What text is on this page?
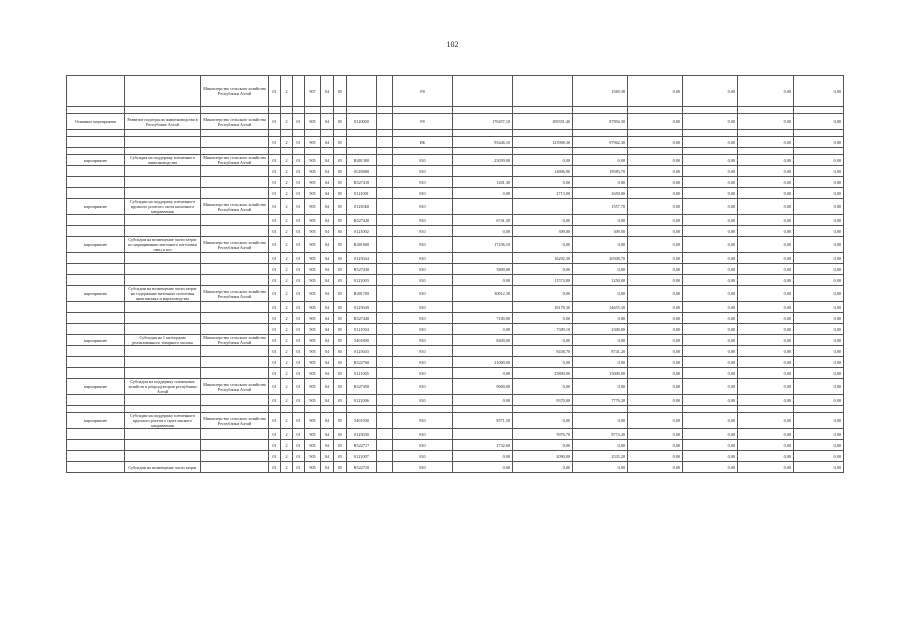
102
		Министерство сельского хозяйства Республики Алтай	01	2		907	04	05			F8			1569,38	0,00	0,00	0,00	0,00	

Основное мероприятие	Развитие подотрасли животноводства в Республике Алтай	Министерство сельского хозяйства Республики Алтай	01	2	01	905	04	05	0120000		F8	170457,10	109351,40	87894,30	0,00	0,00	0,00	0,00	

			01	2	01	905	04	05			ИБ	95446,10	123908,30	97962,30	0,00	0,00	0,00	0,00	

мероприятие	Субсидия на поддержку племенного животноводства	Министерство сельского хозяйства Республики Алтай	01	2	01	905	04	05	R401300		810	23059,00	0,00	0,00	0,00	0,00	0,00	0,00	
			01	2	01	905	04	05	01250В0		810		14806,90	19583,70	0,00	0,00	0,00	0,00	
			01	2	01	905	04	05	R527410		810	1201,30	0,00	0,00	0,00	0,00	0,00	0,00	
			01	2	01	905	04	05	0121001		810	0,00	2713,00	2650,00	0,00	0,00	0,00	0,00	
мероприятие	Субсидии на поддержку племенного крупного рогатого скота молочного направления	Министерство сельского хозяйства Республики Алтай	01	2	01	905	04	05	01250Б0		810			1557,70	0,00	0,00	0,00	0,00	
			01	2	01	905	04	05	R527420		810	6741,30	0,00	0,00	0,00	0,00	0,00	0,00	
			01	2	01	905	04	05	0121002		810	0,00	309,00	309,00	0,00	0,00	0,00	0,00	
мероприятие	Субсидии на возмещение части затрат по наращиванию маточного поголовья овец и коз	Министерство сельского хозяйства Республики Алтай	01	2	01	905	04	05	R401600		810	17236,10	0,00	0,00	0,00	0,00	0,00	0,00	
			01	2	01	905	04	05	0125044		810		16292,30	20508,70	0,00	0,00	0,00	0,00	
			01	2	01	905	04	05	R527430		810	5800,00	0,00	0,00	0,00	0,00	0,00	0,00	
			01	2	01	905	04	05	0121003		810	0,00	11574,80	1250,00	0,00	0,00	0,00	0,00	
мероприятие	Субсидии на возмещение части затрат на содержание маточных поголовья яков мясных и мараловодства	Министерство сельского хозяйства Республики Алтай	01	2	01	905	04	05	R401700		810	30012,30	0,00	0,00	0,00	0,00	0,00	0,00	
			01	2	01	905	04	05	0125049		810		18178,30	14655,30	0,00	0,00	0,00	0,00	
			01	2	01	905	04	05	R527440		810	7100,00	0,00	0,00	0,00	0,00	0,00	0,00	
			01	2	01	905	04	05	0121004		810	0,00	7309,10	2300,00	0,00	0,00	0,00	0,00	
мероприятие	Субсидия на 1 килограмм реализованного товарного молока	Министерство сельского хозяйства Республики Алтай	01	2	01	905	04	05	5401800		810	8400,00	0,00	0,00	0,00	0,00	0,00	0,00	
			01	2	01	905	04	05	0125043		810		8438,70	8741,20	0,00	0,00	0,00	0,00	
			01	2	01	905	04	05	R522760		810	21000,00	0,00	0,00	0,00	0,00	0,00	0,00	
			01	2	01	905	04	05	0121005		810	0,00	25800,00	15000,00	0,00	0,00	0,00	0,00	
мероприятие	Субсидии на поддержку племенных хозяйств и репродукторов республики Алтай	Министерство сельского хозяйства Республики Алтай	01	2	01	905	04	05	R527450		810	9600,00	0,00	0,00	0,00	0,00	0,00	0,00	
			01	2	01	905	04	05	0121006		810	0,00	9370,00	7776,20	0,00	0,00	0,00	0,00	

мероприятие	Субсидии на поддержку племенного крупного рогатого скота мясного направления	Министерство сельского хозяйства Республики Алтай	01	2	01	905	04	05	5401500		810	8571,50	0,00	0,00	0,00	0,00	0,00	0,00	
			01	2	01	905	04	05	01250З0		810		5976,70	8774,20	0,00	0,00	0,00	0,00	
			01	2	01	905	04	05	R522717		810	1732,60	0,00	0,00	0,00	0,00	0,00	0,00	
			01	2	01	905	04	05	0121007		810	0,00	2090,00	2535,20	0,00	0,00	0,00	0,00	
	Субсидии на возмещение части затрат		01	2	01	905	04	05	R522710		810	0,00	0,00	0,00	0,00	0,00	0,00	0,00	
